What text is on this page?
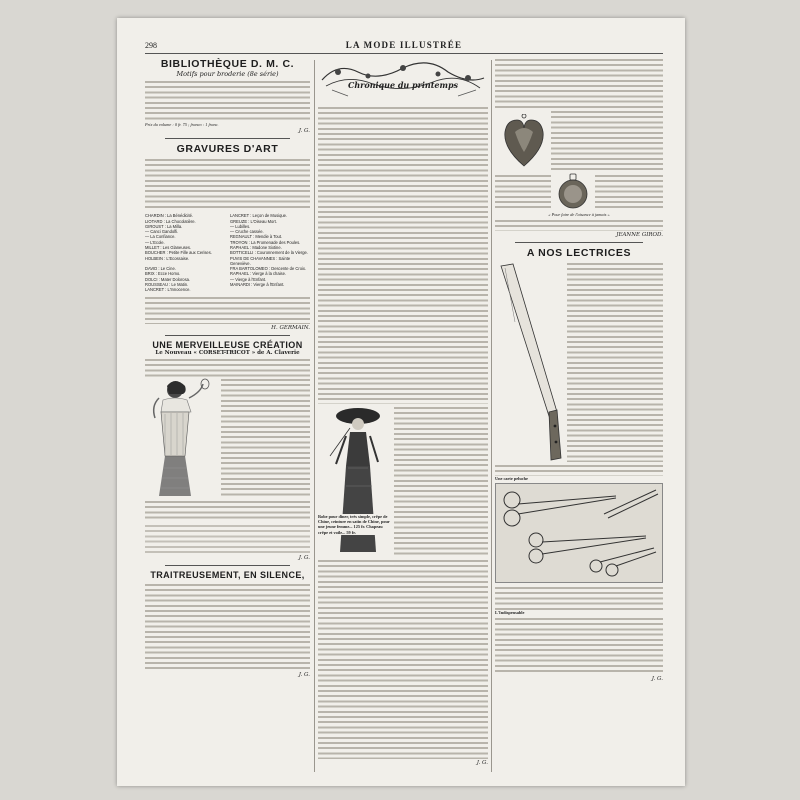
298	LA MODE ILLUSTRÉE
BIBLIOTHÈQUE D. M. C.
Motifs pour broderie (8e série)
Prix du volume : 0 fr. 75 ; franco : 1 franc.
J. G.
GRAVURES D'ART
CHARDIN : La Bénédicité.	LANCRET : Leçon de Musique.
LIOTARD : La Chocolatière.	GREUZE : L'Oiseau Mort.
GIROUST : La Milla.	— Lubilles.
— Canci Gandolfi.	— Cruche cassée.
— La Confiance.	REGNAULT : Mendie à Tout.
— L'Ecole.	TROYON : La Promenade des Poules.
MILLET : Les Glaneuses.	RAPHAEL : Madone Sixtine.
BOUCHER : Petite Fille aux Cerises.	BOTTICELLI : Couronnement de la Vierge.
HOLBEIN : L'Ecossaise.	PUVIS DE CHAVANNES : Sainte Geneviève.
DAVID : Le Cine.	FRA BARTOLOMEO : Descente de Croix.
BRIX : Ecce Homo.	RAPHAEL : Vierge à la chaise.
DOLCI : Mater Dolorosa.	— Vierge à l'Enfant.
ROUSSEAU : Le Matin.	MAINARDI : Vierge à l'Enfant.
LANCRET : L'Innocence.
H. GERMAIN.
UNE MERVEILLEUSE CRÉATION
Le Nouveau « CORSET-TRICOT » de A. Claverie
J. G.
TRAITREUSEMENT, EN SILENCE,
J. G.
Chronique du printemps
Robe pour dîner, très simple, crêpe de Chine, ceinture en satin de Chine, pour une jeune femme... 125 fr. Chapeau crêpe et voile... 59 fr.
J. G.
« Pour faire de l'aisance à jamais »
JEANNE GIROD.
A NOS LECTRICES
Une carte peluche
L'Indispensable
J. G.
